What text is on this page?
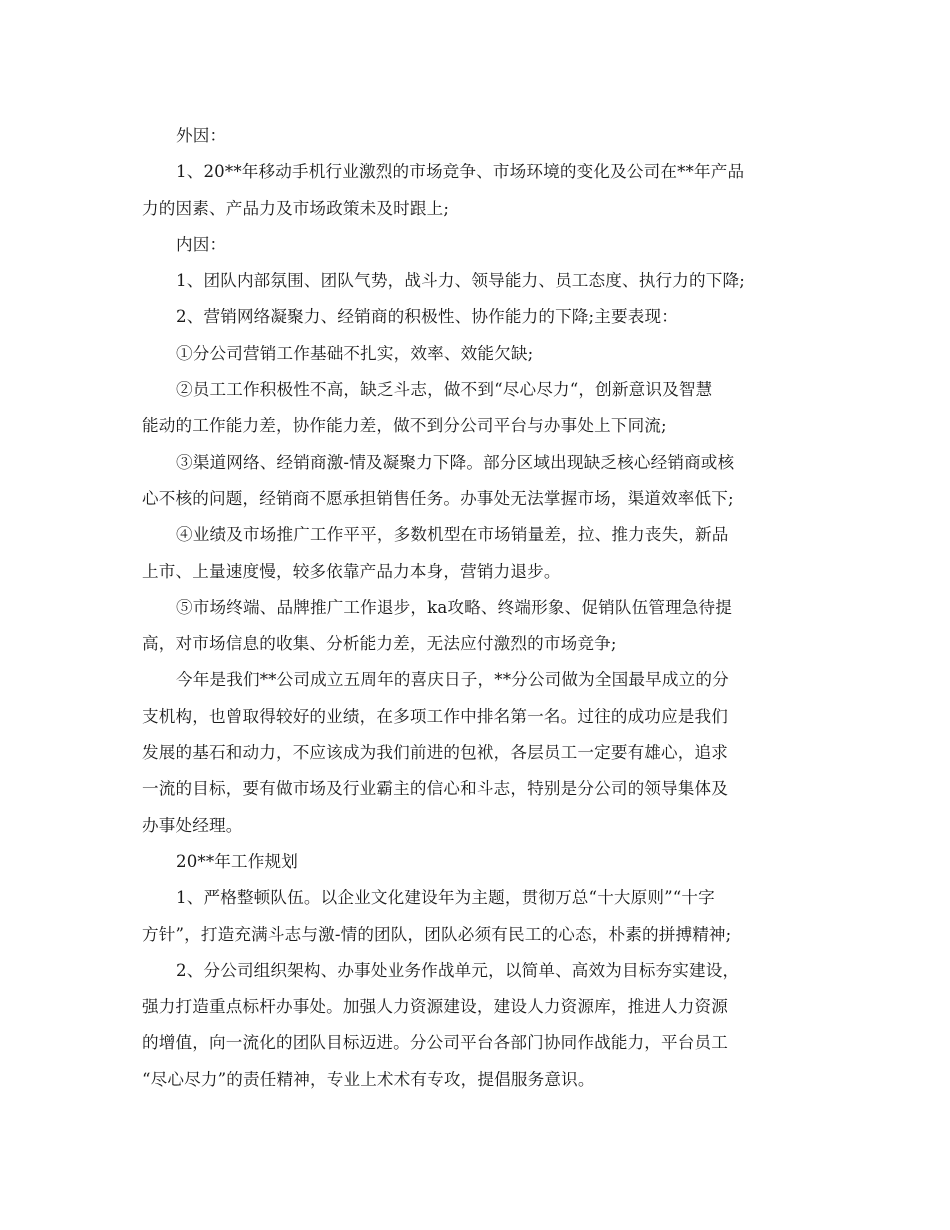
外因：
1、20**年移动手机行业激烈的市场竞争、市场环境的变化及公司在**年产品
力的因素、产品力及市场政策未及时跟上;
内因：
1、团队内部氛围、团队气势，战斗力、领导能力、员工态度、执行力的下降;
2、营销网络凝聚力、经销商的积极性、协作能力的下降;主要表现：
①分公司营销工作基础不扎实，效率、效能欠缺;
②员工工作积极性不高，缺乏斗志，做不到“尽心尽力“，创新意识及智慧
能动的工作能力差，协作能力差，做不到分公司平台与办事处上下同流;
③渠道网络、经销商激-情及凝聚力下降。部分区域出现缺乏核心经销商或核
心不核的问题，经销商不愿承担销售任务。办事处无法掌握市场，渠道效率低下;
④业绩及市场推广工作平平，多数机型在市场销量差，拉、推力丧失，新品
上市、上量速度慢，较多依靠产品力本身，营销力退步。
⑤市场终端、品牌推广工作退步，ka攻略、终端形象、促销队伍管理急待提
高，对市场信息的收集、分析能力差，无法应付激烈的市场竞争;
今年是我们**公司成立五周年的喜庆日子，**分公司做为全国最早成立的分
支机构，也曾取得较好的业绩，在多项工作中排名第一名。过往的成功应是我们
发展的基石和动力，不应该成为我们前进的包袱，各层员工一定要有雄心，追求
一流的目标，要有做市场及行业霸主的信心和斗志，特别是分公司的领导集体及
办事处经理。
20**年工作规划
1、严格整顿队伍。以企业文化建设年为主题，贯彻万总“十大原则”“十字
方针”，打造充满斗志与激-情的团队，团队必须有民工的心态，朴素的拼搏精神;
2、分公司组织架构、办事处业务作战单元，以简单、高效为目标夯实建设，
强力打造重点标杆办事处。加强人力资源建设，建设人力资源库，推进人力资源
的增值，向一流化的团队目标迈进。分公司平台各部门协同作战能力，平台员工
“尽心尽力”的责任精神，专业上术术有专攻，提倡服务意识。
